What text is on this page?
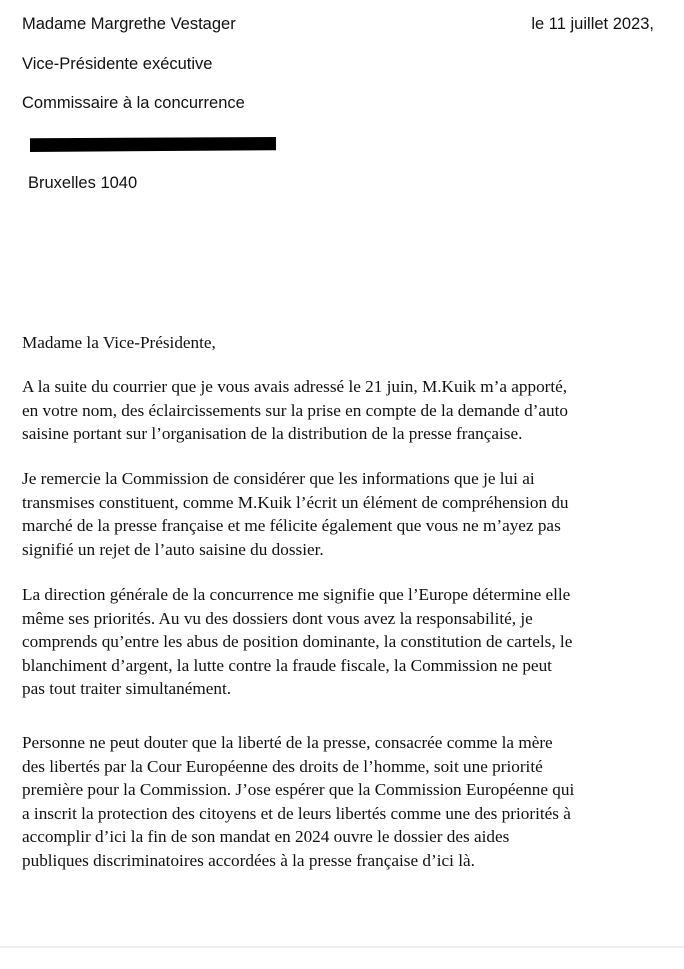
Madame Margrethe Vestager	le 11 juillet 2023,
Vice-Présidente exécutive
Commissaire à la concurrence
Bruxelles 1040
Madame la Vice-Présidente,
A la suite du courrier que je vous avais adressé le 21 juin, M.Kuik m’a apporté,
en votre nom, des éclaircissements sur la prise en compte de la demande d’auto
saisine portant sur l’organisation de la distribution de la presse française.
Je remercie la Commission de considérer que les informations que je lui ai
transmises constituent, comme M.Kuik l’écrit un élément de compréhension du
marché de la presse française et me félicite également que vous ne m’ayez pas
signifié un rejet de l’auto saisine du dossier.
La direction générale de la concurrence me signifie que l’Europe détermine elle
même ses priorités. Au vu des dossiers dont vous avez la responsabilité, je
comprends qu’entre les abus de position dominante, la constitution de cartels, le
blanchiment d’argent, la lutte contre la fraude fiscale, la Commission ne peut
pas tout traiter simultanément.
Personne ne peut douter que la liberté de la presse, consacrée comme la mère
des libertés par la Cour Européenne des droits de l’homme, soit une priorité
première pour la Commission. J’ose espérer que la Commission Européenne qui
a inscrit la protection des citoyens et de leurs libertés comme une des priorités à
accomplir d’ici la fin de son mandat en 2024 ouvre le dossier des aides
publiques discriminatoires accordées à la presse française d’ici là.
